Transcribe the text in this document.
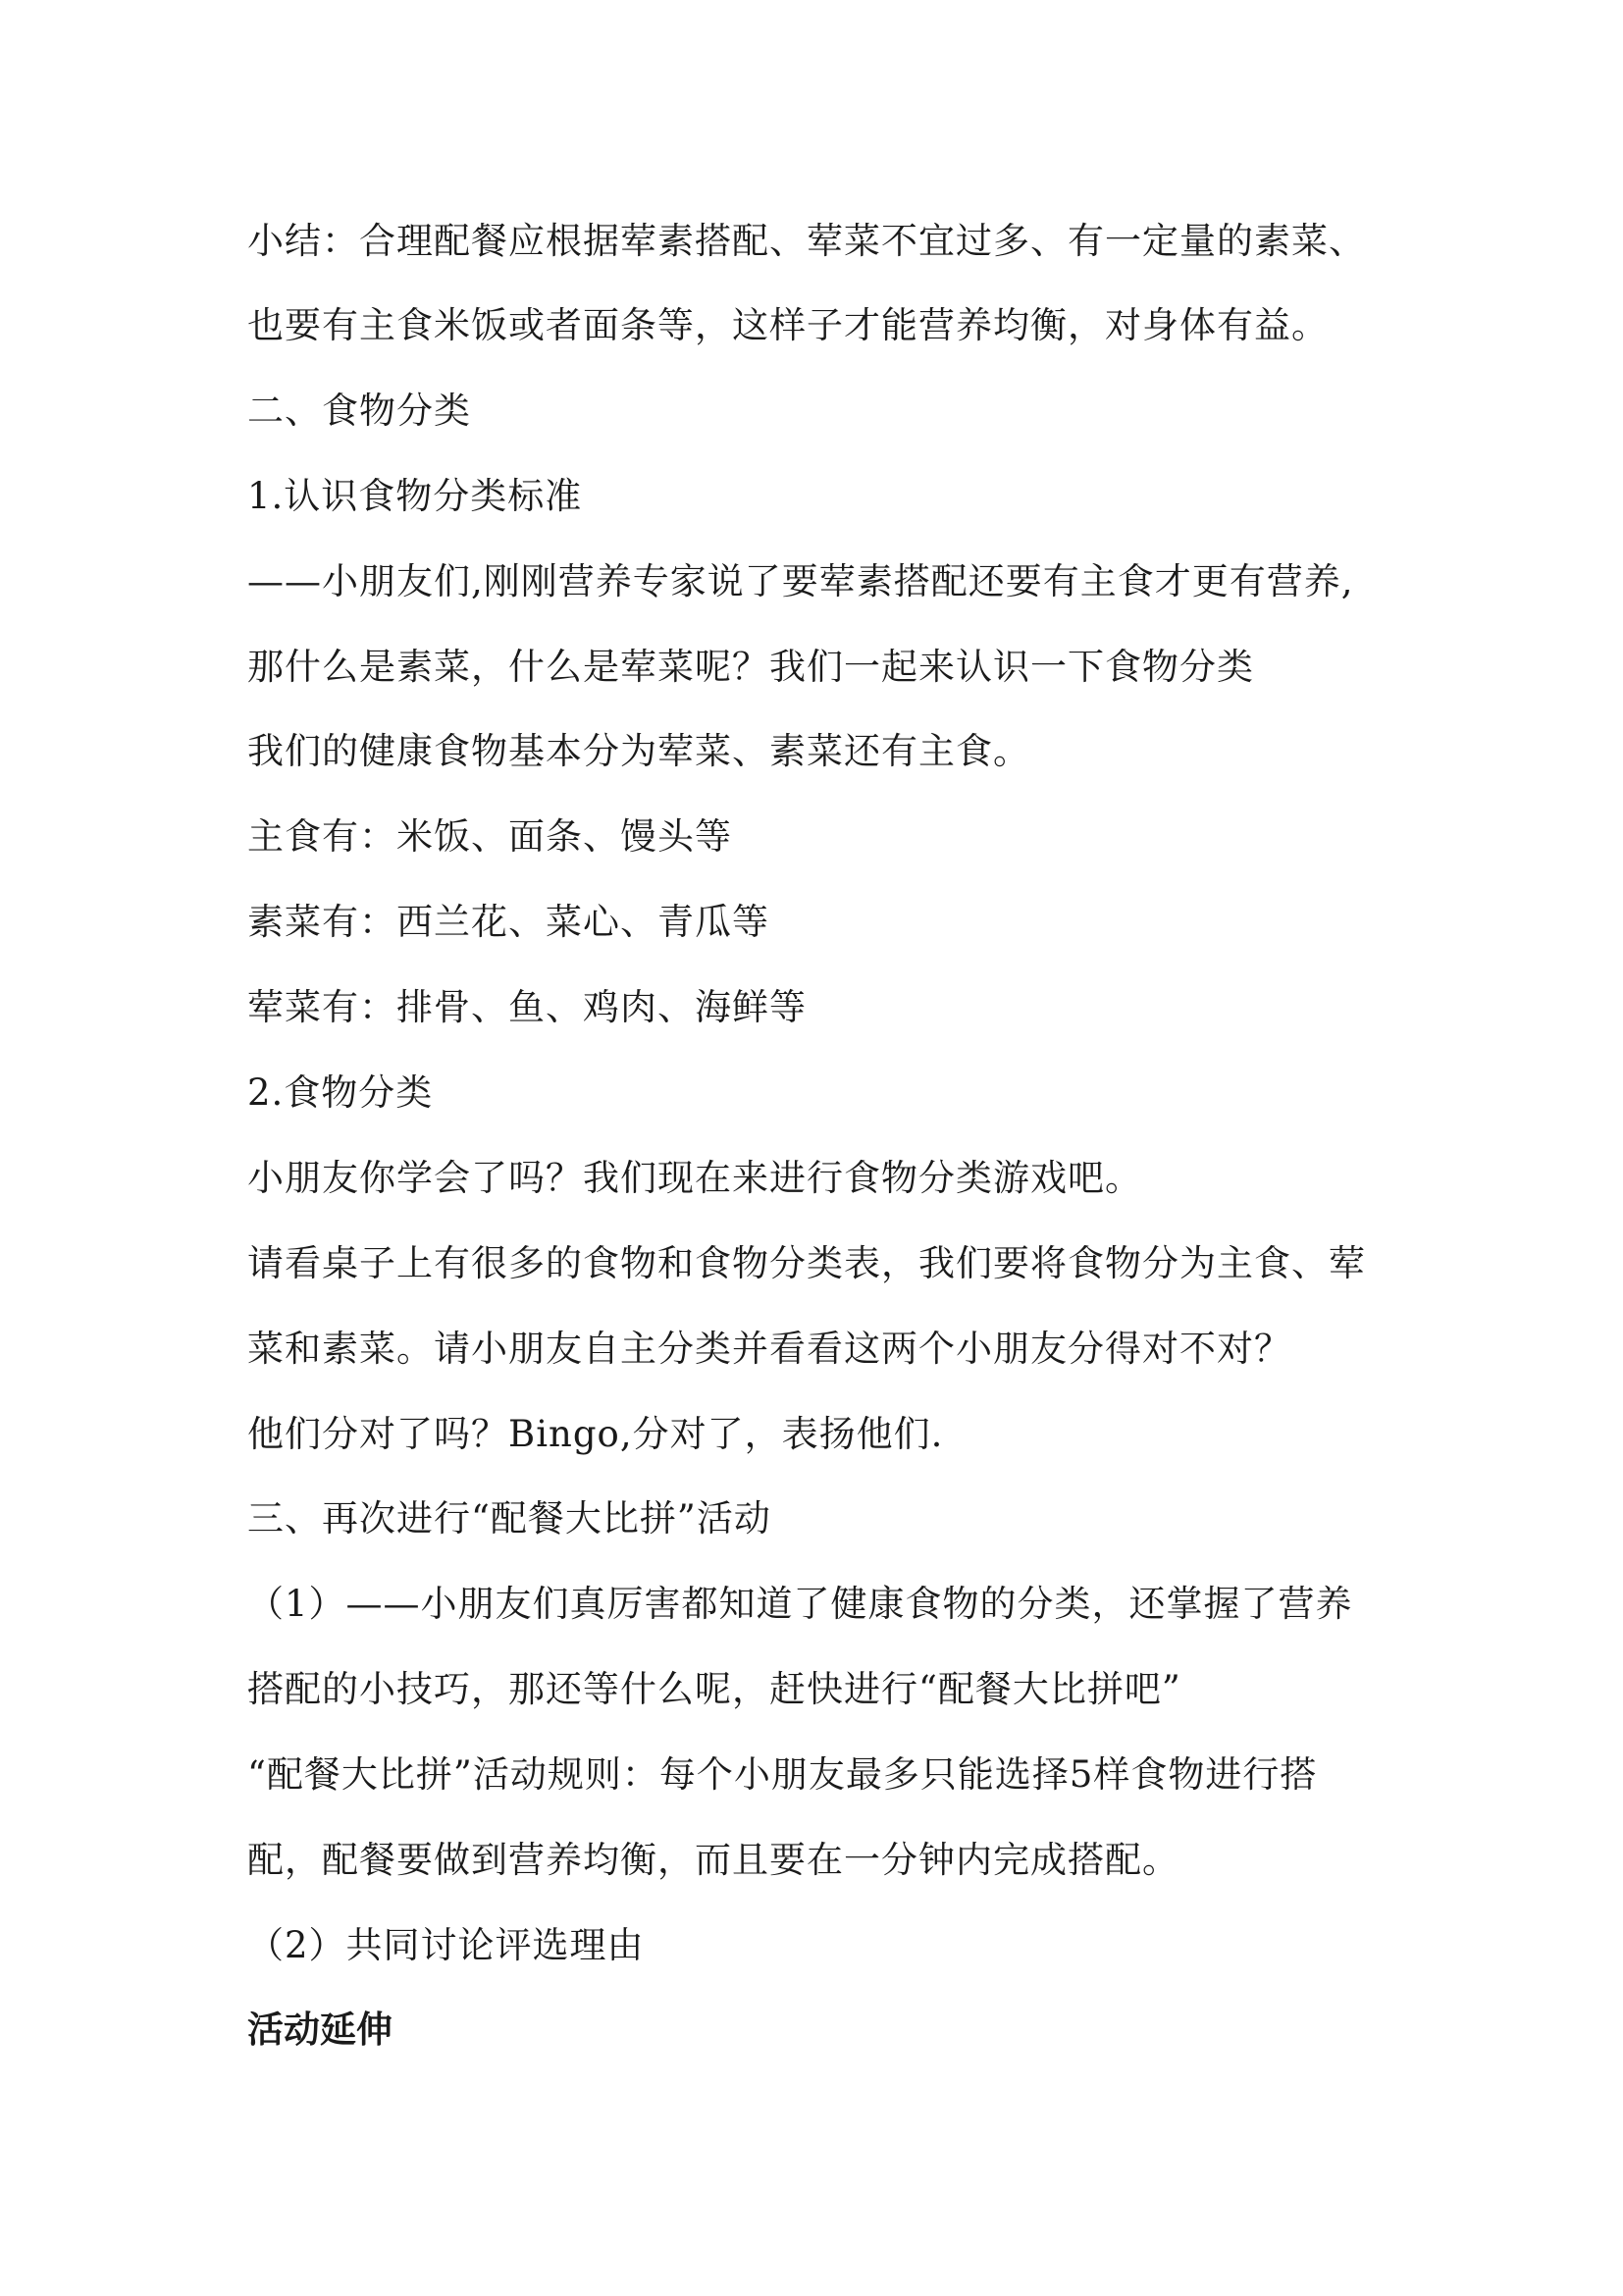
小结：合理配餐应根据荤素搭配、荤菜不宜过多、有一定量的素菜、

也要有主食米饭或者面条等，这样子才能营养均衡，对身体有益。

二、食物分类

1.认识食物分类标准

——小朋友们,刚刚营养专家说了要荤素搭配还要有主食才更有营养,

那什么是素菜，什么是荤菜呢？我们一起来认识一下食物分类

我们的健康食物基本分为荤菜、素菜还有主食。

主食有：米饭、面条、馒头等

素菜有：西兰花、菜心、青瓜等

荤菜有：排骨、鱼、鸡肉、海鲜等

2.食物分类

小朋友你学会了吗？我们现在来进行食物分类游戏吧。

请看桌子上有很多的食物和食物分类表，我们要将食物分为主食、荤

菜和素菜。请小朋友自主分类并看看这两个小朋友分得对不对？

他们分对了吗？Bingo,分对了，表扬他们.

三、再次进行“配餐大比拼”活动

（1）——小朋友们真厉害都知道了健康食物的分类，还掌握了营养

搭配的小技巧，那还等什么呢，赶快进行“配餐大比拼吧”

“配餐大比拼”活动规则：每个小朋友最多只能选择5样食物进行搭

配，配餐要做到营养均衡，而且要在一分钟内完成搭配。

（2）共同讨论评选理由

活动延伸
